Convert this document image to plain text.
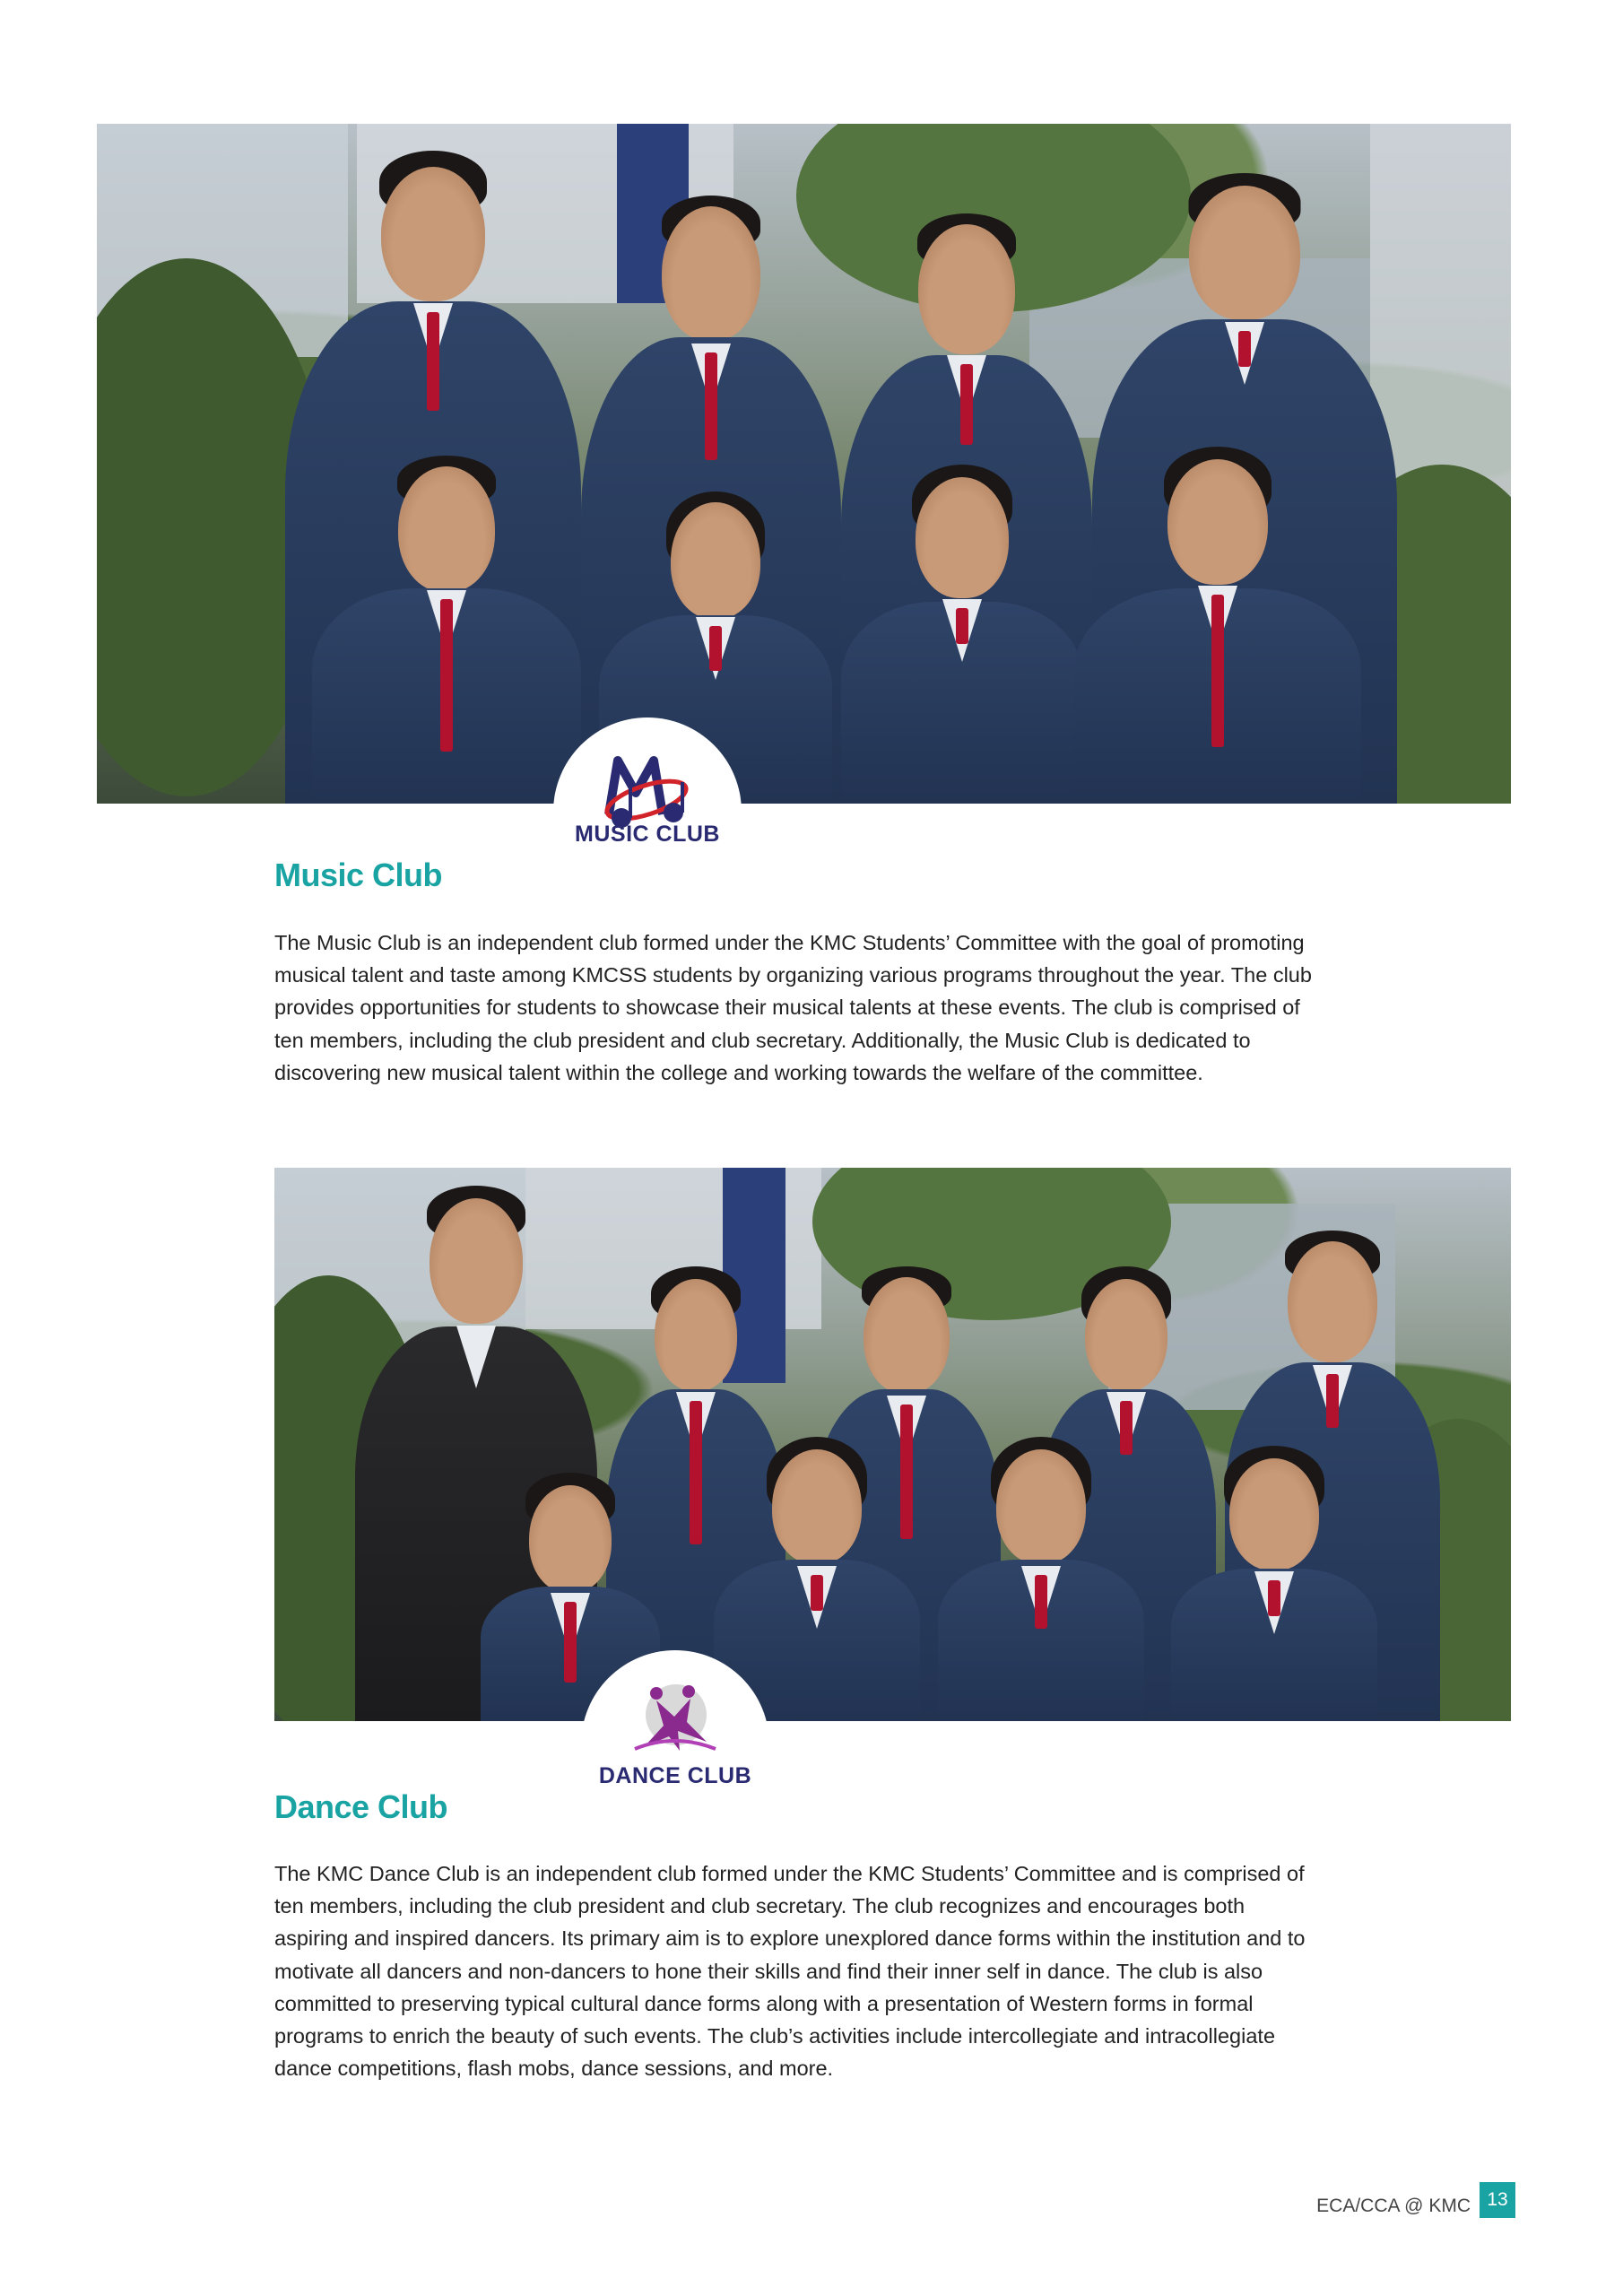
MUSIC CLUB
Music Club

The Music Club is an independent club formed under the KMC Students’ Committee with the goal of promoting musical talent and taste among KMCSS students by organizing various programs throughout the year. The club provides opportunities for students to showcase their musical talents at these events. The club is comprised of ten members, including the club president and club secretary. Additionally, the Music Club is dedicated to discovering new musical talent within the college and working towards the welfare of the committee.

DANCE CLUB
Dance Club

The KMC Dance Club is an independent club formed under the KMC Students’ Committee and is comprised of ten members, including the club president and club secretary. The club recognizes and encourages both aspiring and inspired dancers. Its primary aim is to explore unexplored dance forms within the institution and to motivate all dancers and non-dancers to hone their skills and find their inner self in dance. The club is also committed to preserving typical cultural dance forms along with a presentation of Western forms in formal programs to enrich the beauty of such events. The club’s activities include intercollegiate and intracollegiate dance competitions, flash mobs, dance sessions, and more.

ECA/CCA @ KMC 13
